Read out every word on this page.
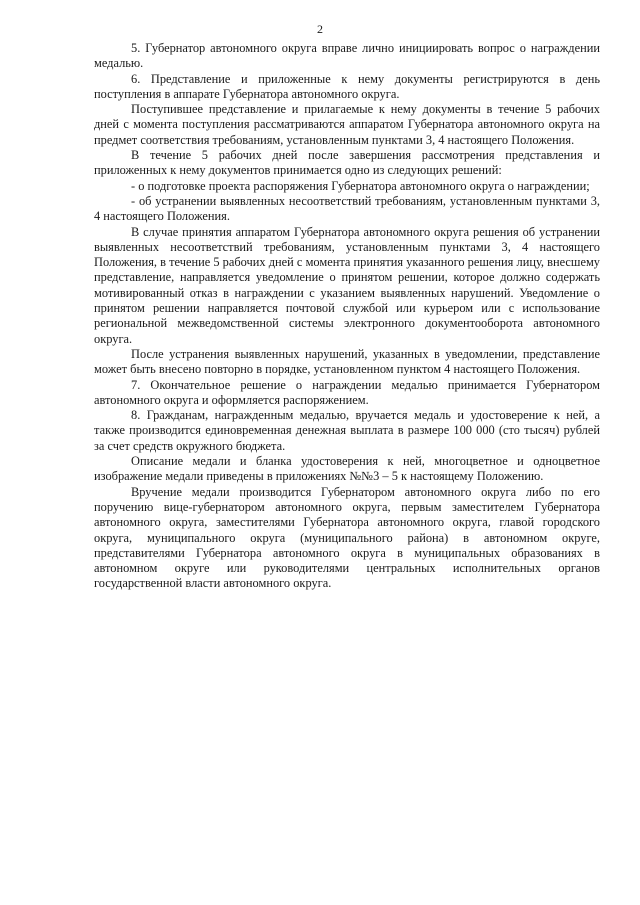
2

5. Губернатор автономного округа вправе лично инициировать вопрос о награждении медалью.

6. Представление и приложенные к нему документы регистрируются в день поступления в аппарате Губернатора автономного округа.

Поступившее представление и прилагаемые к нему документы в течение 5 рабочих дней с момента поступления рассматриваются аппаратом Губернатора автономного округа на предмет соответствия требованиям, установленным пунктами 3, 4 настоящего Положения.

В течение 5 рабочих дней после завершения рассмотрения представления и приложенных к нему документов принимается одно из следующих решений:

- о подготовке проекта распоряжения Губернатора автономного округа о награждении;

- об устранении выявленных несоответствий требованиям, установленным пунктами 3, 4 настоящего Положения.

В случае принятия аппаратом Губернатора автономного округа решения об устранении выявленных несоответствий требованиям, установленным пунктами 3, 4 настоящего Положения, в течение 5 рабочих дней с момента принятия указанного решения лицу, внесшему представление, направляется уведомление о принятом решении, которое должно содержать мотивированный отказ в награждении с указанием выявленных нарушений. Уведомление о принятом решении направляется почтовой службой или курьером или с использование региональной межведомственной системы электронного документооборота автономного округа.

После устранения выявленных нарушений, указанных в уведомлении, представление может быть внесено повторно в порядке, установленном пунктом 4 настоящего Положения.

7. Окончательное решение о награждении медалью принимается Губернатором автономного округа и оформляется распоряжением.

8. Гражданам, награжденным медалью, вручается медаль и удостоверение к ней, а также производится единовременная денежная выплата в размере 100 000 (сто тысяч) рублей за счет средств окружного бюджета.

Описание медали и бланка удостоверения к ней, многоцветное и одноцветное изображение медали приведены в приложениях №№3 – 5 к настоящему Положению.

Вручение медали производится Губернатором автономного округа либо по его поручению вице-губернатором автономного округа, первым заместителем Губернатора автономного округа, заместителями Губернатора автономного округа, главой городского округа, муниципального округа (муниципального района) в автономном округе, представителями Губернатора автономного округа в муниципальных образованиях в автономном округе или руководителями центральных исполнительных органов государственной власти автономного округа.
